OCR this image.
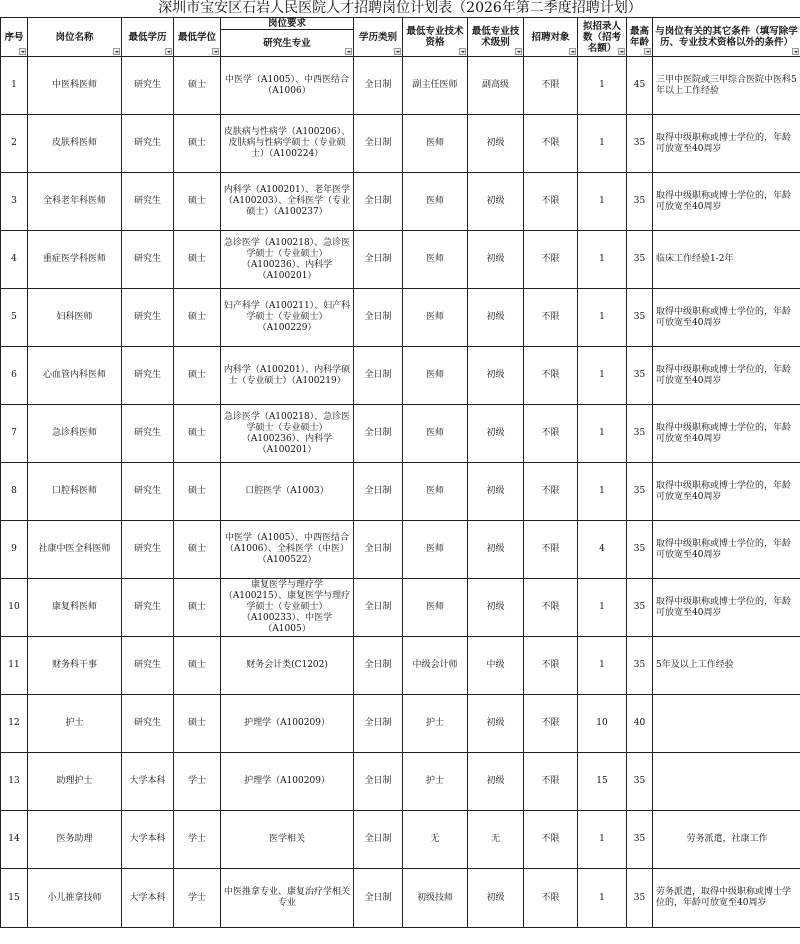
深圳市宝安区石岩人民医院人才招聘岗位计划表（2026年第二季度招聘计划）
序号	岗位名称	最低学历	最低学位	岗位要求	学历类别	最低专业技术资格	最低专业技术级别	招聘对象	拟招录人数（招考名额）	最高年龄	与岗位有关的其它条件（填写除学历、专业技术资格以外的条件）

				研究生专业							

1	中医科医师	研究生	硕士	中医学（A1005）、中西医结合（A1006）	全日制	副主任医师	副高级	不限	1	45	三甲中医院或三甲综合医院中医科5年以上工作经验
2	皮肤科医师	研究生	硕士	皮肤病与性病学（A100206）、皮肤病与性病学硕士（专业硕士）（A100224）	全日制	医师	初级	不限	1	35	取得中级职称或博士学位的，年龄可放宽至40周岁
3	全科老年科医师	研究生	硕士	内科学（A100201）、老年医学（A100203）、全科医学（专业硕士）（A100237）	全日制	医师	初级	不限	1	35	取得中级职称或博士学位的，年龄可放宽至40周岁
4	重症医学科医师	研究生	硕士	急诊医学（A100218）、急诊医学硕士（专业硕士）（A100236）、内科学（A100201）	全日制	医师	初级	不限	1	35	临床工作经验1-2年
5	妇科医师	研究生	硕士	妇产科学（A100211）、妇产科学硕士（专业硕士）（A100229）	全日制	医师	初级	不限	1	35	取得中级职称或博士学位的，年龄可放宽至40周岁
6	心血管内科医师	研究生	硕士	内科学（A100201）、内科学硕士（专业硕士）（A100219）	全日制	医师	初级	不限	1	35	取得中级职称或博士学位的，年龄可放宽至40周岁
7	急诊科医师	研究生	硕士	急诊医学（A100218）、急诊医学硕士（专业硕士）（A100236）、内科学（A100201）	全日制	医师	初级	不限	1	35	取得中级职称或博士学位的，年龄可放宽至40周岁
8	口腔科医师	研究生	硕士	口腔医学（A1003）	全日制	医师	初级	不限	1	35	取得中级职称或博士学位的，年龄可放宽至40周岁
9	社康中医全科医师	研究生	硕士	中医学（A1005）、中西医结合（A1006）、全科医学（中医）（A100522）	全日制	医师	初级	不限	4	35	取得中级职称或博士学位的，年龄可放宽至40周岁
10	康复科医师	研究生	硕士	康复医学与理疗学（A100215）、康复医学与理疗学硕士（专业硕士）（A100233）、中医学（A1005）	全日制	医师	初级	不限	1	35	取得中级职称或博士学位的，年龄可放宽至40周岁
11	财务科干事	研究生	硕士	财务会计类(C1202)	全日制	中级会计师	中级	不限	1	35	5年及以上工作经验
12	护士	研究生	硕士	护理学（A100209）	全日制	护士	初级	不限	10	40	
13	助理护士	大学本科	学士	护理学（A100209）	全日制	护士	初级	不限	15	35	
14	医务助理	大学本科	学士	医学相关	全日制	无	无	不限	1	35	劳务派遣，社康工作
15	小儿推拿技师	大学本科	学士	中医推拿专业、康复治疗学相关专业	全日制	初级技师	初级	不限	1	35	劳务派遣，取得中级职称或博士学位的，年龄可放宽至40周岁
